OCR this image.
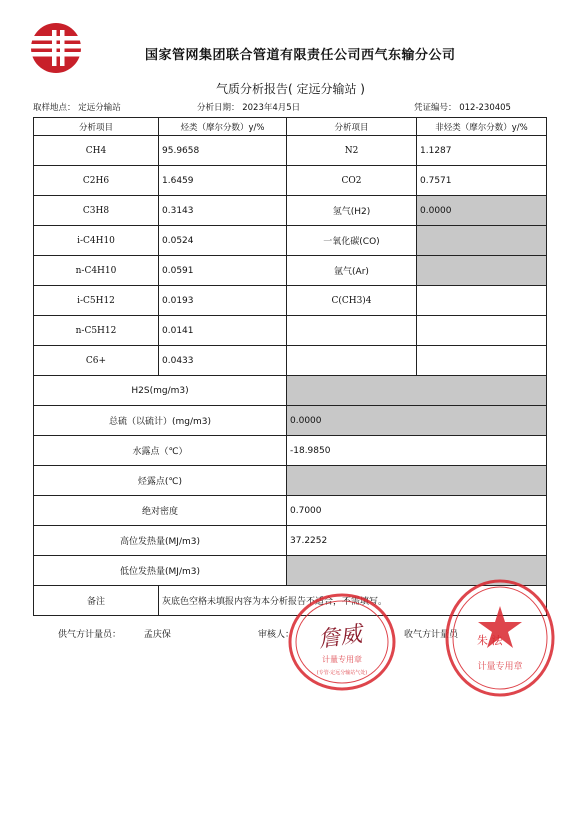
国家管网集团联合管道有限责任公司西气东输分公司
气质分析报告( 定远分输站 )
取样地点： 定远分输站	分析日期： 2023年4月5日	凭证编号： 012-230405
分析项目	烃类（摩尔分数）y/%	分析项目	非烃类（摩尔分数）y/%
CH4	95.9658	N2	1.1287
C2H6	1.6459	CO2	0.7571
C3H8	0.3143	氢气(H2)	0.0000
i-C4H10	0.0524	一氧化碳(CO)	
n-C4H10	0.0591	氩气(Ar)	
i-C5H12	0.0193	C(CH3)4	
n-C5H12	0.0141		
C6+	0.0433		
H2S(mg/m3)			
总硫（以硫计）(mg/m3)		0.0000	
水露点（℃）		-18.9850	
烃露点(℃)			
绝对密度		0.7000	
高位发热量(MJ/m3)		37.2252	
低位发热量(MJ/m3)			
备注	灰底色空格未填报内容为本分析报告不适合，不需填写。		
供气方计量员：	孟庆保	审核人：	收气方计量员
计量专用章
(专管·定远分输站气处)
詹威
计量专用章
朱 法
